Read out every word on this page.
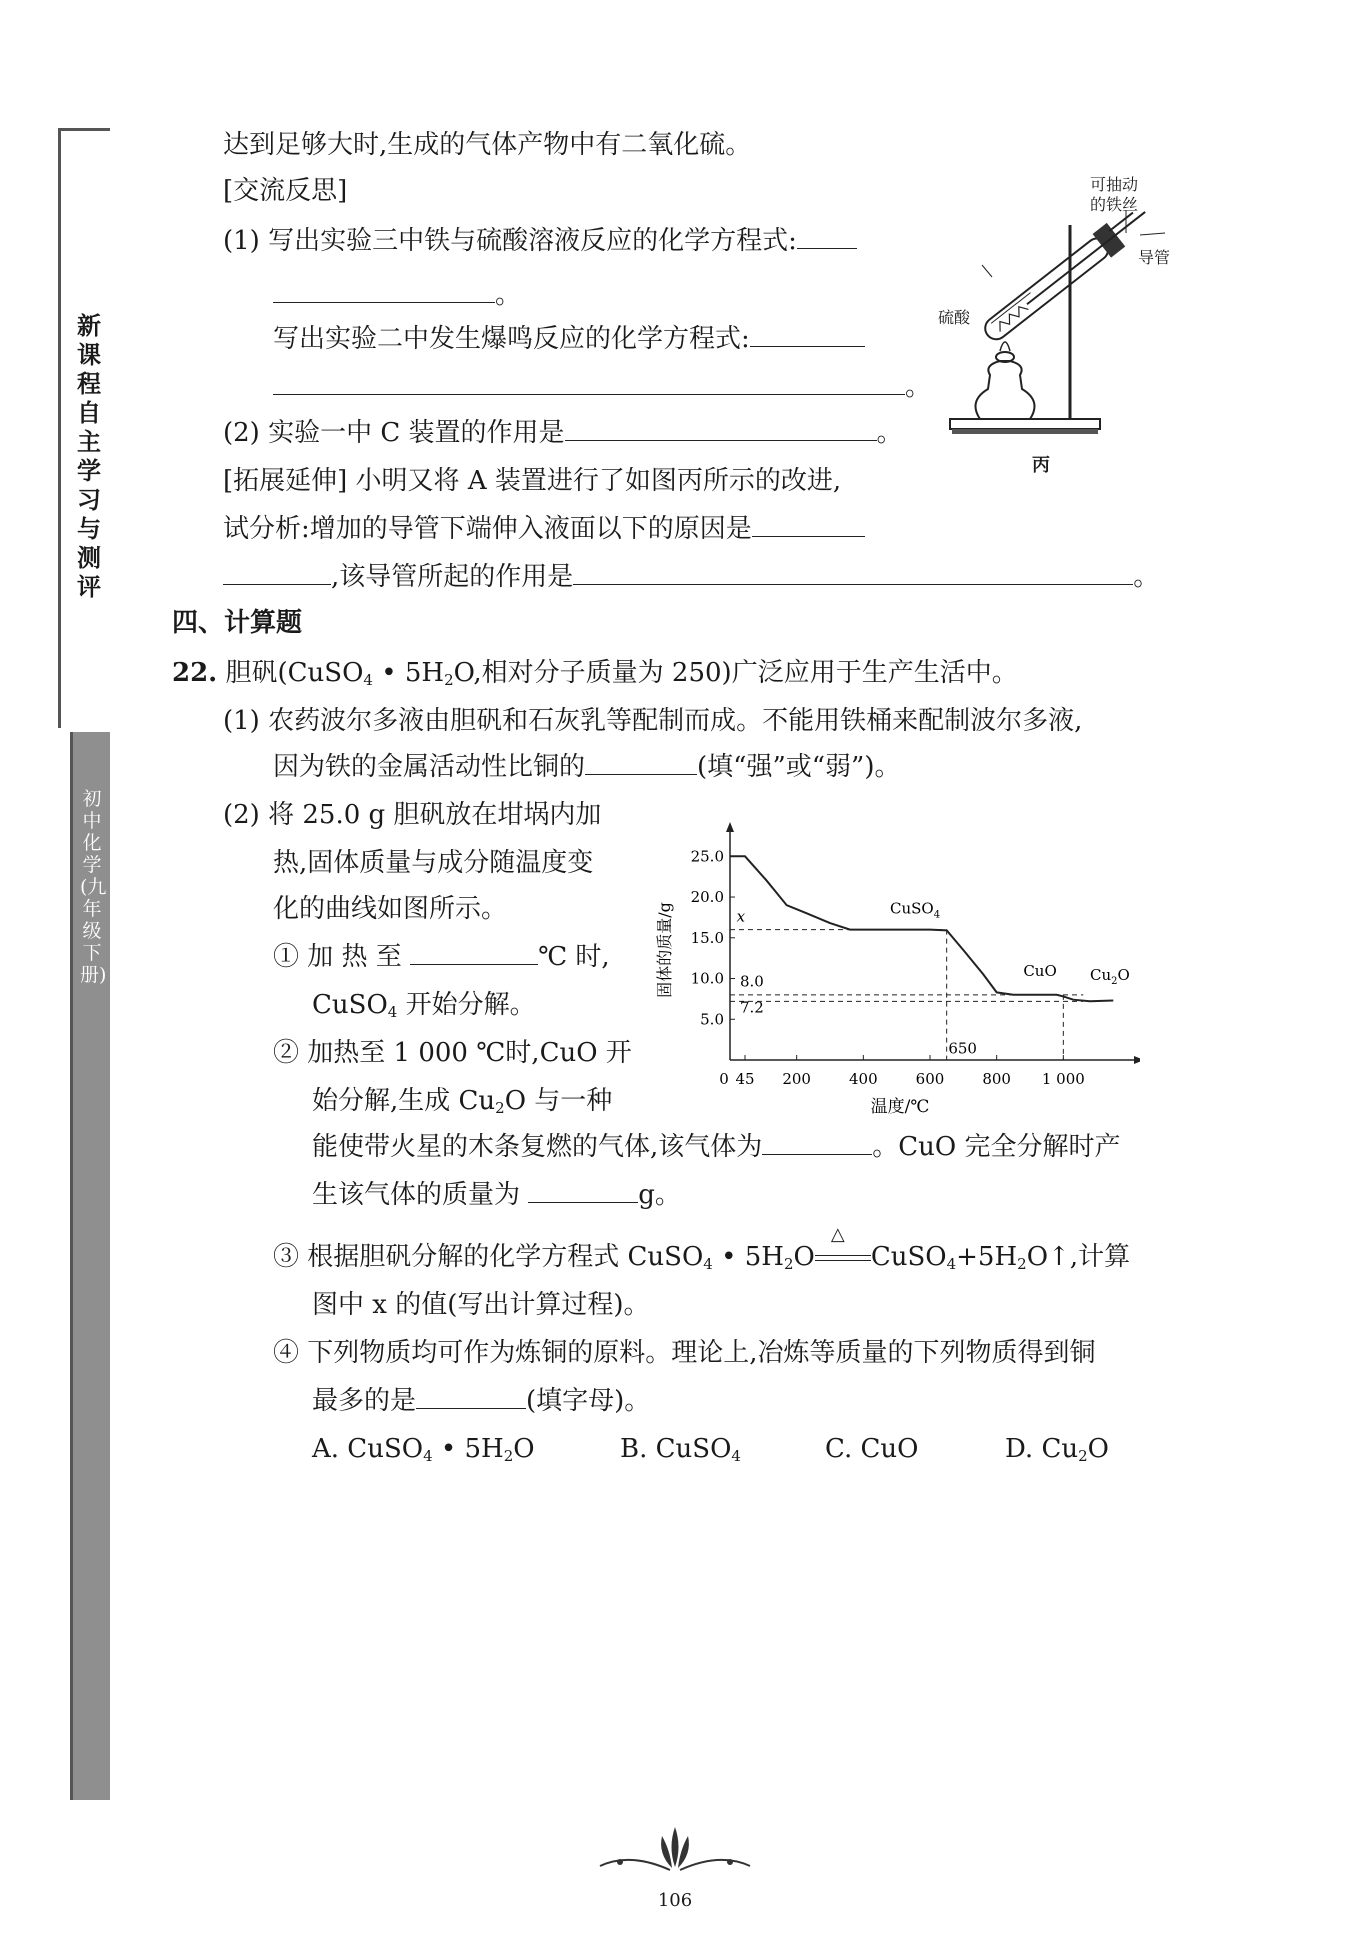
新课程自主学习与测评
初中化学(九年级下册)
达到足够大时,生成的气体产物中有二氧化硫。
[交流反思]
(1) 写出实验三中铁与硫酸溶液反应的化学方程式:
。
写出实验二中发生爆鸣反应的化学方程式:
。
(2) 实验一中 C 装置的作用是	。
[拓展延伸] 小明又将 A 装置进行了如图丙所示的改进,
试分析:增加的导管下端伸入液面以下的原因是
,该导管所起的作用是	。
四、计算题
22. 胆矾(CuSO$_4$ • $5H_2O$,相对分子质量为 250)广泛应用于生产生活中。
(1) 农药波尔多液由胆矾和石灰乳等配制而成。不能用铁桶来配制波尔多液,
因为铁的金属活动性比铜的	(填“强”或“弱”)。
(2) 将 25.0 g 胆矾放在坩埚内加
热,固体质量与成分随温度变
化的曲线如图所示。
① 加 热 至	℃ 时,
CuSO$_4$ 开始分解。
② 加热至 1 000 ℃时,CuO 开
始分解,生成 $Cu_2O$ 与一种
能使带火星的木条复燃的气体,该气体为	。CuO 完全分解时产
生该气体的质量为	g。
③ 根据胆矾分解的化学方程式 CuSO$_4$ • $5H_2O$
△
$CuSO_4+5H_2O↑$,计算
图中 x 的值(写出计算过程)。
④ 下列物质均可作为炼铜的原料。理论上,冶炼等质量的下列物质得到铜
最多的是	(填字母)。
A. CuSO$_4$ • $5H_2O$	B. CuSO$_4$	C. CuO	D. $Cu_2O$
可抽动
的铁丝
导管
硫酸
丙
5.0
10.0
15.0
20.0
25.0
0 45 200	400	600	800 1 000
CuSO$_4$
CuO $Cu_2O$
x
8.0
7.2
650
温度/℃
固体的质量/g
106
